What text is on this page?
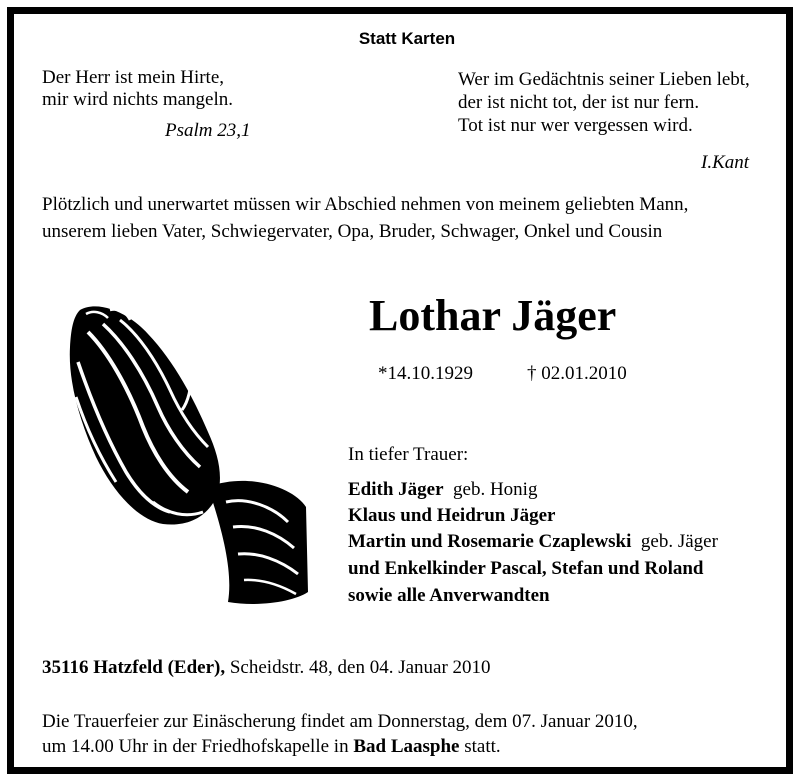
Statt Karten
Der Herr ist mein Hirte,
mir wird nichts mangeln.
Psalm 23,1
Wer im Gedächtnis seiner Lieben lebt,
der ist nicht tot, der ist nur fern.
Tot ist nur wer vergessen wird.
I.Kant
Plötzlich und unerwartet müssen wir Abschied nehmen von meinem geliebten Mann,
unserem lieben Vater, Schwiegervater, Opa, Bruder, Schwager, Onkel und Cousin
Lothar Jäger
*14.10.1929	† 02.01.2010
In tiefer Trauer:
Edith Jäger geb. Honig
Klaus und Heidrun Jäger
Martin und Rosemarie Czaplewski geb. Jäger
und Enkelkinder Pascal, Stefan und Roland
sowie alle Anverwandten
35116 Hatzfeld (Eder), Scheidstr. 48, den 04. Januar 2010
Die Trauerfeier zur Einäscherung findet am Donnerstag, dem 07. Januar 2010,
um 14.00 Uhr in der Friedhofskapelle in Bad Laasphe statt.
